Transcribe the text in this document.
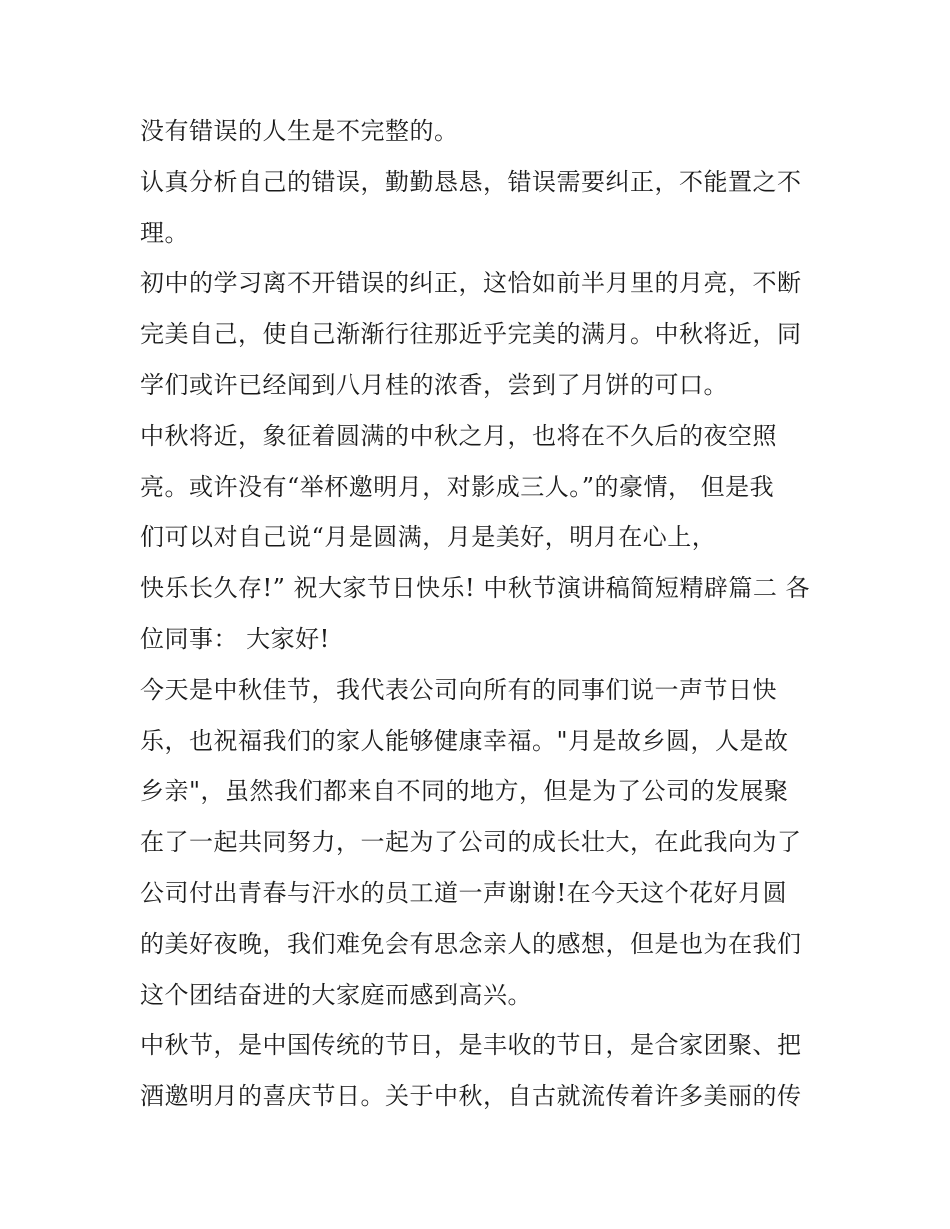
没有错误的人生是不完整的。
认真分析自己的错误，勤勤恳恳，错误需要纠正，不能置之不
理。
初中的学习离不开错误的纠正，这恰如前半月里的月亮，不断
完美自己，使自己渐渐行往那近乎完美的满月。中秋将近，同
学们或许已经闻到八月桂的浓香，尝到了月饼的可口。
中秋将近，象征着圆满的中秋之月，也将在不久后的夜空照
亮。或许没有“举杯邀明月，对影成三人。”的豪情， 但是我
们可以对自己说“月是圆满，月是美好，明月在心上，
快乐长久存!” 祝大家节日快乐! 中秋节演讲稿简短精辟篇二 各
位同事： 大家好!
今天是中秋佳节，我代表公司向所有的同事们说一声节日快
乐，也祝福我们的家人能够健康幸福。"月是故乡圆，人是故
乡亲"，虽然我们都来自不同的地方，但是为了公司的发展聚
在了一起共同努力，一起为了公司的成长壮大，在此我向为了
公司付出青春与汗水的员工道一声谢谢!在今天这个花好月圆
的美好夜晚，我们难免会有思念亲人的感想，但是也为在我们
这个团结奋进的大家庭而感到高兴。
中秋节，是中国传统的节日，是丰收的节日，是合家团聚、把
酒邀明月的喜庆节日。关于中秋，自古就流传着许多美丽的传
